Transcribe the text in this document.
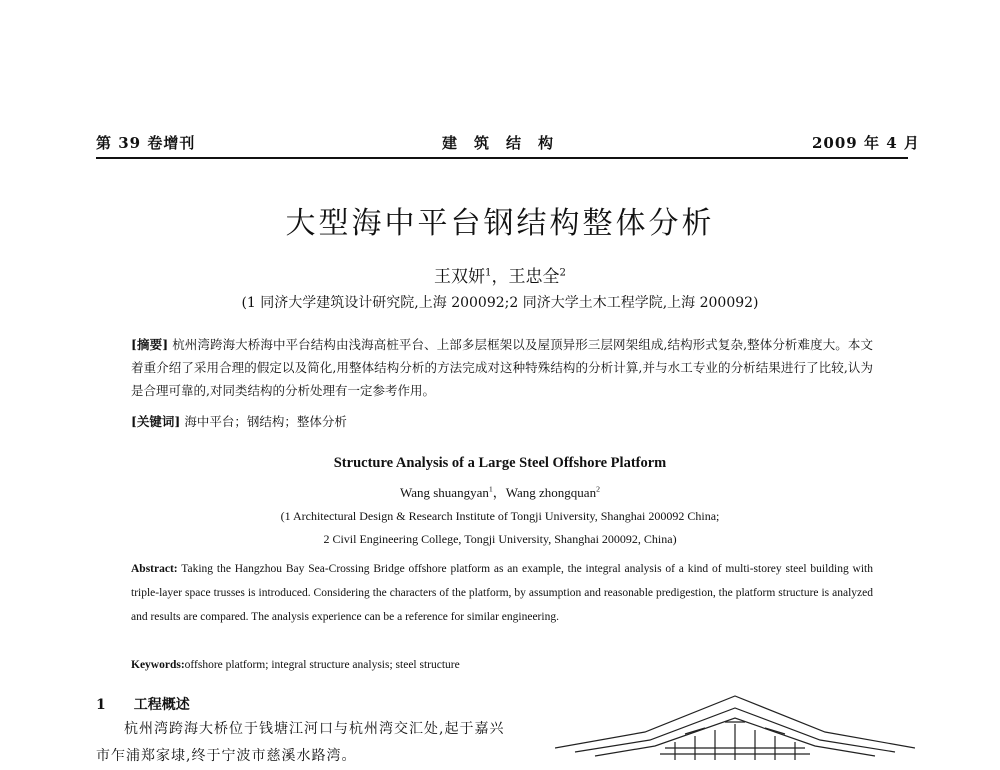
第 39 卷增刊	建　筑　结　构	2009 年 4 月
大型海中平台钢结构整体分析
王双妍$^1$，王忠全$^2$
(1 同济大学建筑设计研究院,上海 200092;2 同济大学土木工程学院,上海 200092)
[摘要] 杭州湾跨海大桥海中平台结构由浅海高桩平台、上部多层框架以及屋顶异形三层网架组成,结构形式复杂,整体分析难度大。本文着重介绍了采用合理的假定以及简化,用整体结构分析的方法完成对这种特殊结构的分析计算,并与水工专业的分析结果进行了比较,认为是合理可靠的,对同类结构的分析处理有一定参考作用。
[关键词] 海中平台；钢结构；整体分析
Structure Analysis of a Large Steel Offshore Platform
Wang shuangyan$^1$，Wang zhongquan$^2$
(1 Architectural Design & Research Institute of Tongji University, Shanghai 200092 China;
2 Civil Engineering College, Tongji University, Shanghai 200092, China)
Abstract: Taking the Hangzhou Bay Sea-Crossing Bridge offshore platform as an example, the integral analysis of a kind of multi-storey steel building with triple-layer space trusses is introduced. Considering the characters of the platform, by assumption and reasonable predigestion, the platform structure is analyzed and results are compared. The analysis experience can be a reference for similar engineering.
Keywords:offshore platform; integral structure analysis; steel structure
1 工程概述
杭州湾跨海大桥位于钱塘江河口与杭州湾交汇处,起于嘉兴市乍浦郑家埭,终于宁波市慈溪水路湾。
